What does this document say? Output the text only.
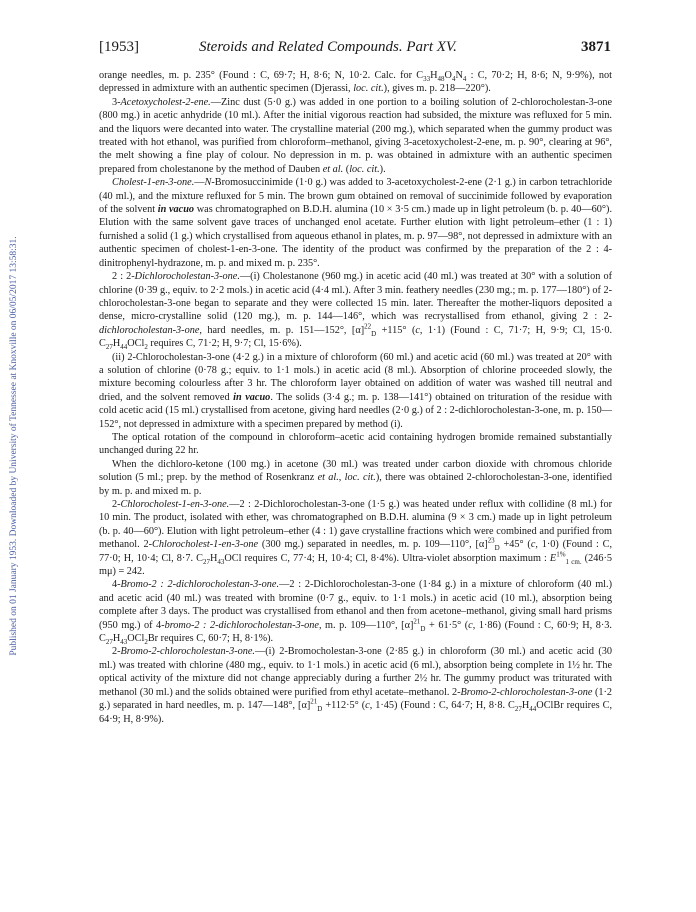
Published on 01 January 1953. Downloaded by University of Tennessee at Knoxville on 06/05/2017 13:58:31.
[1953]	Steroids and Related Compounds. Part XV.	3871

orange needles, m. p. 235° (Found : C, 69·7; H, 8·6; N, 10·2. Calc. for $C_{33}H_{48}O_4N_4$ : C, 70·2; H, 8·6; N, 9·9%), not depressed in admixture with an authentic specimen (Djerassi, loc. cit.), gives m. p. 218—220°).

3-Acetoxycholest-2-ene.—Zinc dust (5·0 g.) was added in one portion to a boiling solution of 2-chlorocholestan-3-one (800 mg.) in acetic anhydride (10 ml.). After the initial vigorous reaction had subsided, the mixture was refluxed for 5 min. and the liquors were decanted into water. The crystalline material (200 mg.), which separated when the gummy product was treated with hot ethanol, was purified from chloroform–methanol, giving 3-acetoxycholest-2-ene, m. p. 90°, clearing at 96°, the melt showing a fine play of colour. No depression in m. p. was obtained in admixture with an authentic specimen prepared from cholestanone by the method of Dauben et al. (loc. cit.).

Cholest-1-en-3-one.—N-Bromosuccinimide (1·0 g.) was added to 3-acetoxycholest-2-ene (2·1 g.) in carbon tetrachloride (40 ml.), and the mixture refluxed for 5 min. The brown gum obtained on removal of succinimide followed by evaporation of the solvent in vacuo was chromatographed on B.D.H. alumina (10 × 3·5 cm.) made up in light petroleum (b. p. 40—60°). Elution with the same solvent gave traces of unchanged enol acetate. Further elution with light petroleum–ether (1 : 1) furnished a solid (1 g.) which crystallised from aqueous ethanol in plates, m. p. 97—98°, not depressed in admixture with an authentic specimen of cholest-1-en-3-one. The identity of the product was confirmed by the preparation of the 2 : 4-dinitrophenyl-hydrazone, m. p. and mixed m. p. 235°.

2 : 2-Dichlorocholestan-3-one.—(i) Cholestanone (960 mg.) in acetic acid (40 ml.) was treated at 30° with a solution of chlorine (0·39 g., equiv. to 2·2 mols.) in acetic acid (4·4 ml.). After 3 min. feathery needles (230 mg.; m. p. 177—180°) of 2-chlorocholestan-3-one began to separate and they were collected 15 min. later. Thereafter the mother-liquors deposited a dense, micro-crystalline solid (120 mg.), m. p. 144—146°, which was recrystallised from ethanol, giving 2 : 2-dichlorocholestan-3-one, hard needles, m. p. 151—152°, $[\alpha]^{22}_D +115^\circ$ (c, 1·1) (Found : C, 71·7; H, 9·9; Cl, 15·0. $C_{27}H_{44}OCl_2$ requires C, 71·2; H, 9·7; Cl, 15·6%).

(ii) 2-Chlorocholestan-3-one (4·2 g.) in a mixture of chloroform (60 ml.) and acetic acid (60 ml.) was treated at 20° with a solution of chlorine (0·78 g.; equiv. to 1·1 mols.) in acetic acid (8 ml.). Absorption of chlorine proceeded slowly, the mixture becoming colourless after 3 hr. The chloroform layer obtained on addition of water was washed till neutral and dried, and the solvent removed in vacuo. The solids (3·4 g.; m. p. 138—141°) obtained on trituration of the residue with cold acetic acid (15 ml.) crystallised from acetone, giving hard needles (2·0 g.) of 2 : 2-dichlorocholestan-3-one, m. p. 150—152°, not depressed in admixture with a specimen prepared by method (i).

The optical rotation of the compound in chloroform–acetic acid containing hydrogen bromide remained substantially unchanged during 22 hr.

When the dichloro-ketone (100 mg.) in acetone (30 ml.) was treated under carbon dioxide with chromous chloride solution (5 ml.; prep. by the method of Rosenkranz et al., loc. cit.), there was obtained 2-chlorocholestan-3-one, identified by m. p. and mixed m. p.

2-Chlorocholest-1-en-3-one.—2 : 2-Dichlorocholestan-3-one (1·5 g.) was heated under reflux with collidine (8 ml.) for 10 min. The product, isolated with ether, was chromatographed on B.D.H. alumina (9 × 3 cm.) made up in light petroleum (b. p. 40—60°). Elution with light petroleum–ether (4 : 1) gave crystalline fractions which were combined and purified from methanol. 2-Chlorocholest-1-en-3-one (300 mg.) separated in needles, m. p. 109—110°, $[\alpha]^{23}_D +45^\circ$ (c, 1·0) (Found : C, 77·0; H, 10·4; Cl, 8·7. $C_{27}H_{43}OCl$ requires C, 77·4; H, 10·4; Cl, 8·4%). Ultra-violet absorption maximum : $E^{1\%}_{1 cm.}$ (246·5 mμ) = 242.

4-Bromo-2 : 2-dichlorocholestan-3-one.—2 : 2-Dichlorocholestan-3-one (1·84 g.) in a mixture of chloroform (40 ml.) and acetic acid (40 ml.) was treated with bromine (0·7 g., equiv. to 1·1 mols.) in acetic acid (10 ml.), absorption being complete after 3 days. The product was crystallised from ethanol and then from acetone–methanol, giving small hard prisms (950 mg.) of 4-bromo-2 : 2-dichlorocholestan-3-one, m. p. 109—110°, $[\alpha]^{21}_D + 61\cdot 5^\circ$ (c, 1·86) (Found : C, 60·9; H, 8·3. $C_{27}H_{43}OCl_2Br$ requires C, 60·7; H, 8·1%).

2-Bromo-2-chlorocholestan-3-one.—(i) 2-Bromocholestan-3-one (2·85 g.) in chloroform (30 ml.) and acetic acid (30 ml.) was treated with chlorine (480 mg., equiv. to 1·1 mols.) in acetic acid (6 ml.), absorption being complete in 1½ hr. The optical activity of the mixture did not change appreciably during a further 2½ hr. The gummy product was triturated with methanol (30 ml.) and the solids obtained were purified from ethyl acetate–methanol. 2-Bromo-2-chlorocholestan-3-one (1·2 g.) separated in hard needles, m. p. 147—148°, $[\alpha]^{21}_D +112\cdot 5^\circ$ (c, 1·45) (Found : C, 64·7; H, 8·8. $C_{27}H_{44}OClBr$ requires C, 64·9; H, 8·9%).
